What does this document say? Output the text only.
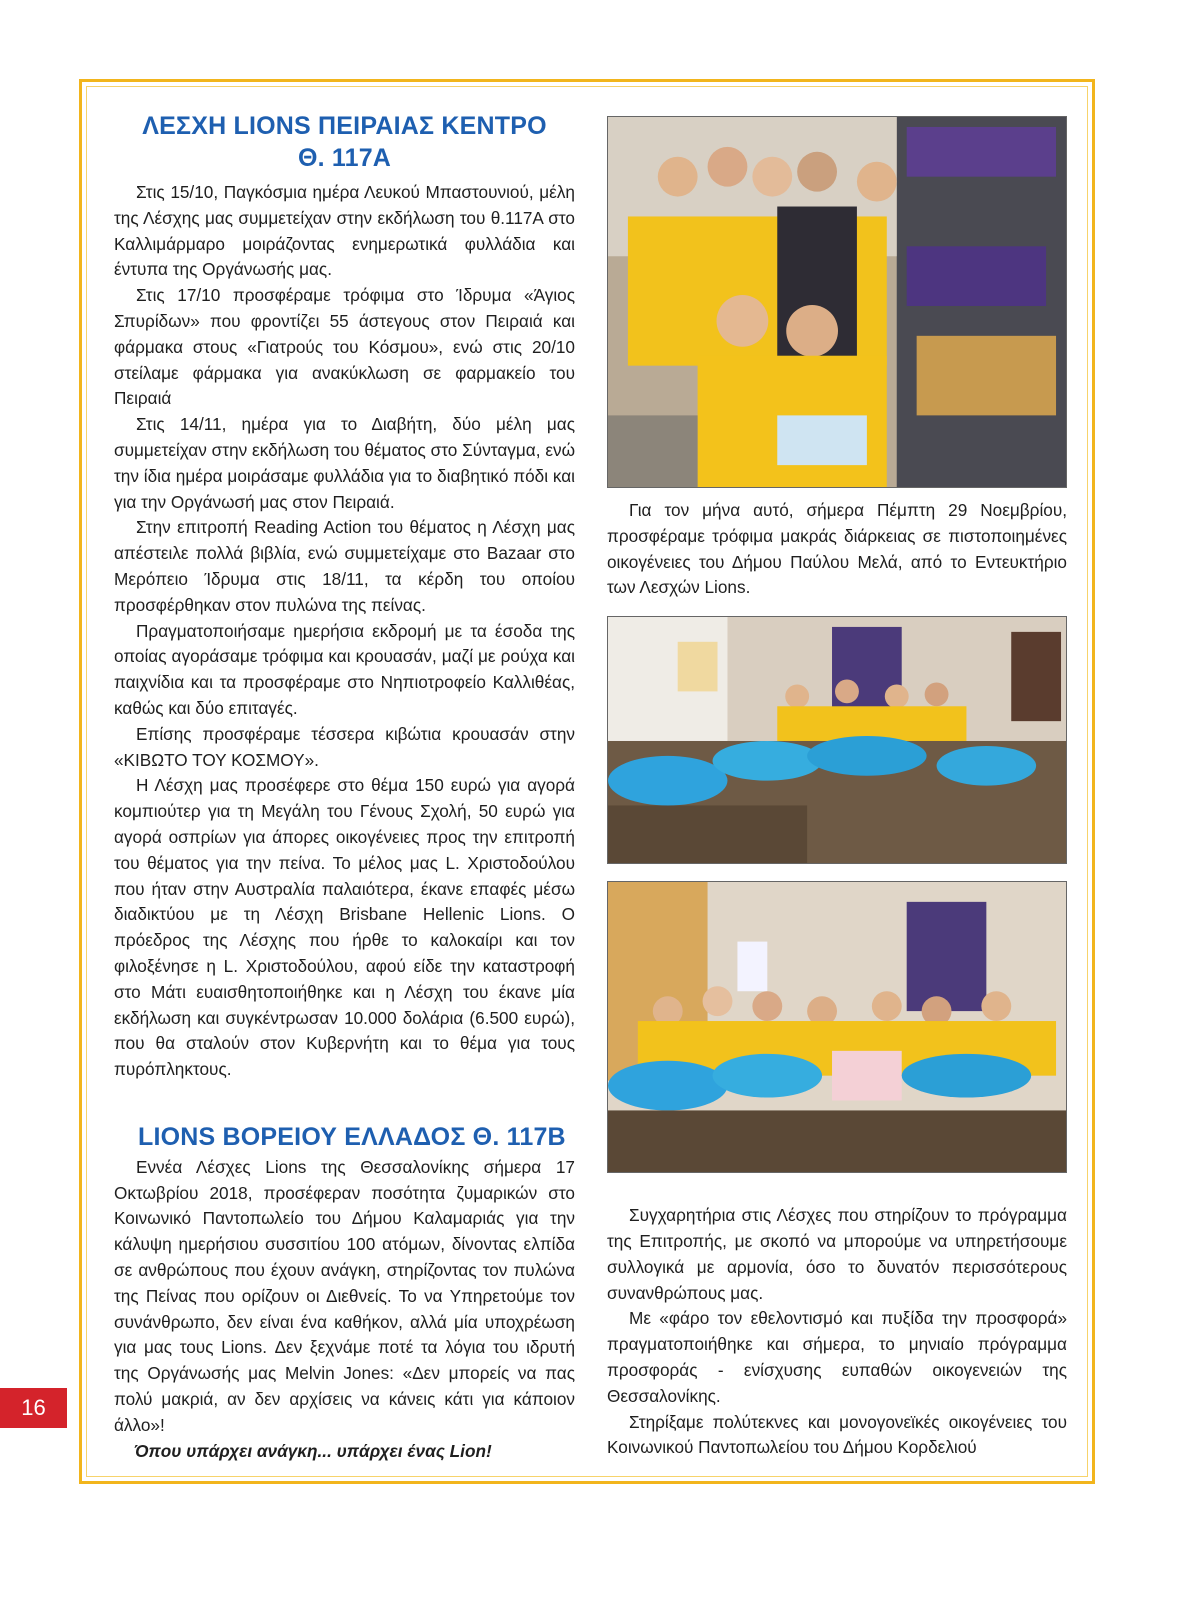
ΛΕΣΧΗ LIONS ΠΕΙΡΑΙΑΣ ΚΕΝΤΡΟ
Θ. 117Α

Στις 15/10, Παγκόσμια ημέρα Λευκού Μπαστουνιού, μέλη της Λέσχης μας συμμετείχαν στην εκδήλωση του θ.117Α στο Καλλιμάρμαρο μοιράζοντας ενημερωτικά φυλλάδια και έντυπα της Οργάνωσής μας.

Στις 17/10 προσφέραμε τρόφιμα στο Ίδρυμα «Άγιος Σπυρίδων» που φροντίζει 55 άστεγους στον Πειραιά και φάρμακα στους «Γιατρούς του Κόσμου», ενώ στις 20/10 στείλαμε φάρμακα για ανακύκλωση σε φαρμακείο του Πειραιά

Στις 14/11, ημέρα για το Διαβήτη, δύο μέλη μας συμμετείχαν στην εκδήλωση του θέματος στο Σύνταγμα, ενώ την ίδια ημέρα μοιράσαμε φυλλάδια για το διαβητικό πόδι και για την Οργάνωσή μας στον Πειραιά.

Στην επιτροπή Reading Action του θέματος η Λέσχη μας απέστειλε πολλά βιβλία, ενώ συμμετείχαμε στο Bazaar στο Μερόπειο Ίδρυμα στις 18/11, τα κέρδη του οποίου προσφέρθηκαν στον πυλώνα της πείνας.

Πραγματοποιήσαμε ημερήσια εκδρομή με τα έσοδα της οποίας αγοράσαμε τρόφιμα και κρουασάν, μαζί με ρούχα και παιχνίδια και τα προσφέραμε στο Νηπιοτροφείο Καλλιθέας, καθώς και δύο επιταγές.

Επίσης προσφέραμε τέσσερα κιβώτια κρουασάν στην «ΚΙΒΩΤΟ ΤΟΥ ΚΟΣΜΟΥ».

Η Λέσχη μας προσέφερε στο θέμα 150 ευρώ για αγορά κομπιούτερ για τη Μεγάλη του Γένους Σχολή, 50 ευρώ για αγορά οσπρίων για άπορες οικογένειες προς την επιτροπή του θέματος για την πείνα. Το μέλος μας L. Χριστοδούλου που ήταν στην Αυστραλία παλαιότερα, έκανε επαφές μέσω διαδικτύου με τη Λέσχη Brisbane Hellenic Lions. Ο πρόεδρος της Λέσχης που ήρθε το καλοκαίρι και τον φιλοξένησε η L. Χριστοδούλου, αφού είδε την καταστροφή στο Μάτι ευαισθητοποιήθηκε και η Λέσχη του έκανε μία εκδήλωση και συγκέντρωσαν 10.000 δολάρια (6.500 ευρώ), που θα σταλούν στον Κυβερνήτη και το θέμα για τους πυρόπληκτους.

LIONS ΒΟΡΕΙΟΥ ΕΛΛΑΔΟΣ Θ. 117Β

Εννέα Λέσχες Lions της Θεσσαλονίκης σήμερα 17 Οκτωβρίου 2018, προσέφεραν ποσότητα ζυμαρικών στο Κοινωνικό Παντοπωλείο του Δήμου Καλαμαριάς για την κάλυψη ημερήσιου συσσιτίου 100 ατόμων, δίνοντας ελπίδα σε ανθρώπους που έχουν ανάγκη, στηρίζοντας τον πυλώνα της Πείνας που ορίζουν οι Διεθνείς. Το να Υπηρετούμε τον συνάνθρωπο, δεν είναι ένα καθήκον, αλλά μία υποχρέωση για μας τους Lions. Δεν ξεχνάμε ποτέ τα λόγια του ιδρυτή της Οργάνωσής μας Melvin Jones: «Δεν μπορείς να πας πολύ μακριά, αν δεν αρχίσεις να κάνεις κάτι για κάποιον άλλο»!

Όπου υπάρχει ανάγκη... υπάρχει ένας Lion!

Για τον μήνα αυτό, σήμερα Πέμπτη 29 Νοεμβρίου, προσφέραμε τρόφιμα μακράς διάρκειας σε πιστοποιημένες οικογένειες του Δήμου Παύλου Μελά, από το Εντευκτήριο των Λεσχών Lions.

Συγχαρητήρια στις Λέσχες που στηρίζουν το πρόγραμμα της Επιτροπής, με σκοπό να μπορούμε να υπηρετήσουμε συλλογικά με αρμονία, όσο το δυνατόν περισσότερους συνανθρώπους μας.

Με «φάρο τον εθελοντισμό και πυξίδα την προσφορά» πραγματοποιήθηκε και σήμερα, το μηνιαίο πρόγραμμα προσφοράς - ενίσχυσης ευπαθών οικογενειών της Θεσσαλονίκης.

Στηρίξαμε πολύτεκνες και μονογονεϊκές οικογένειες του Κοινωνικού Παντοπωλείου του Δήμου Κορδελιού

16
